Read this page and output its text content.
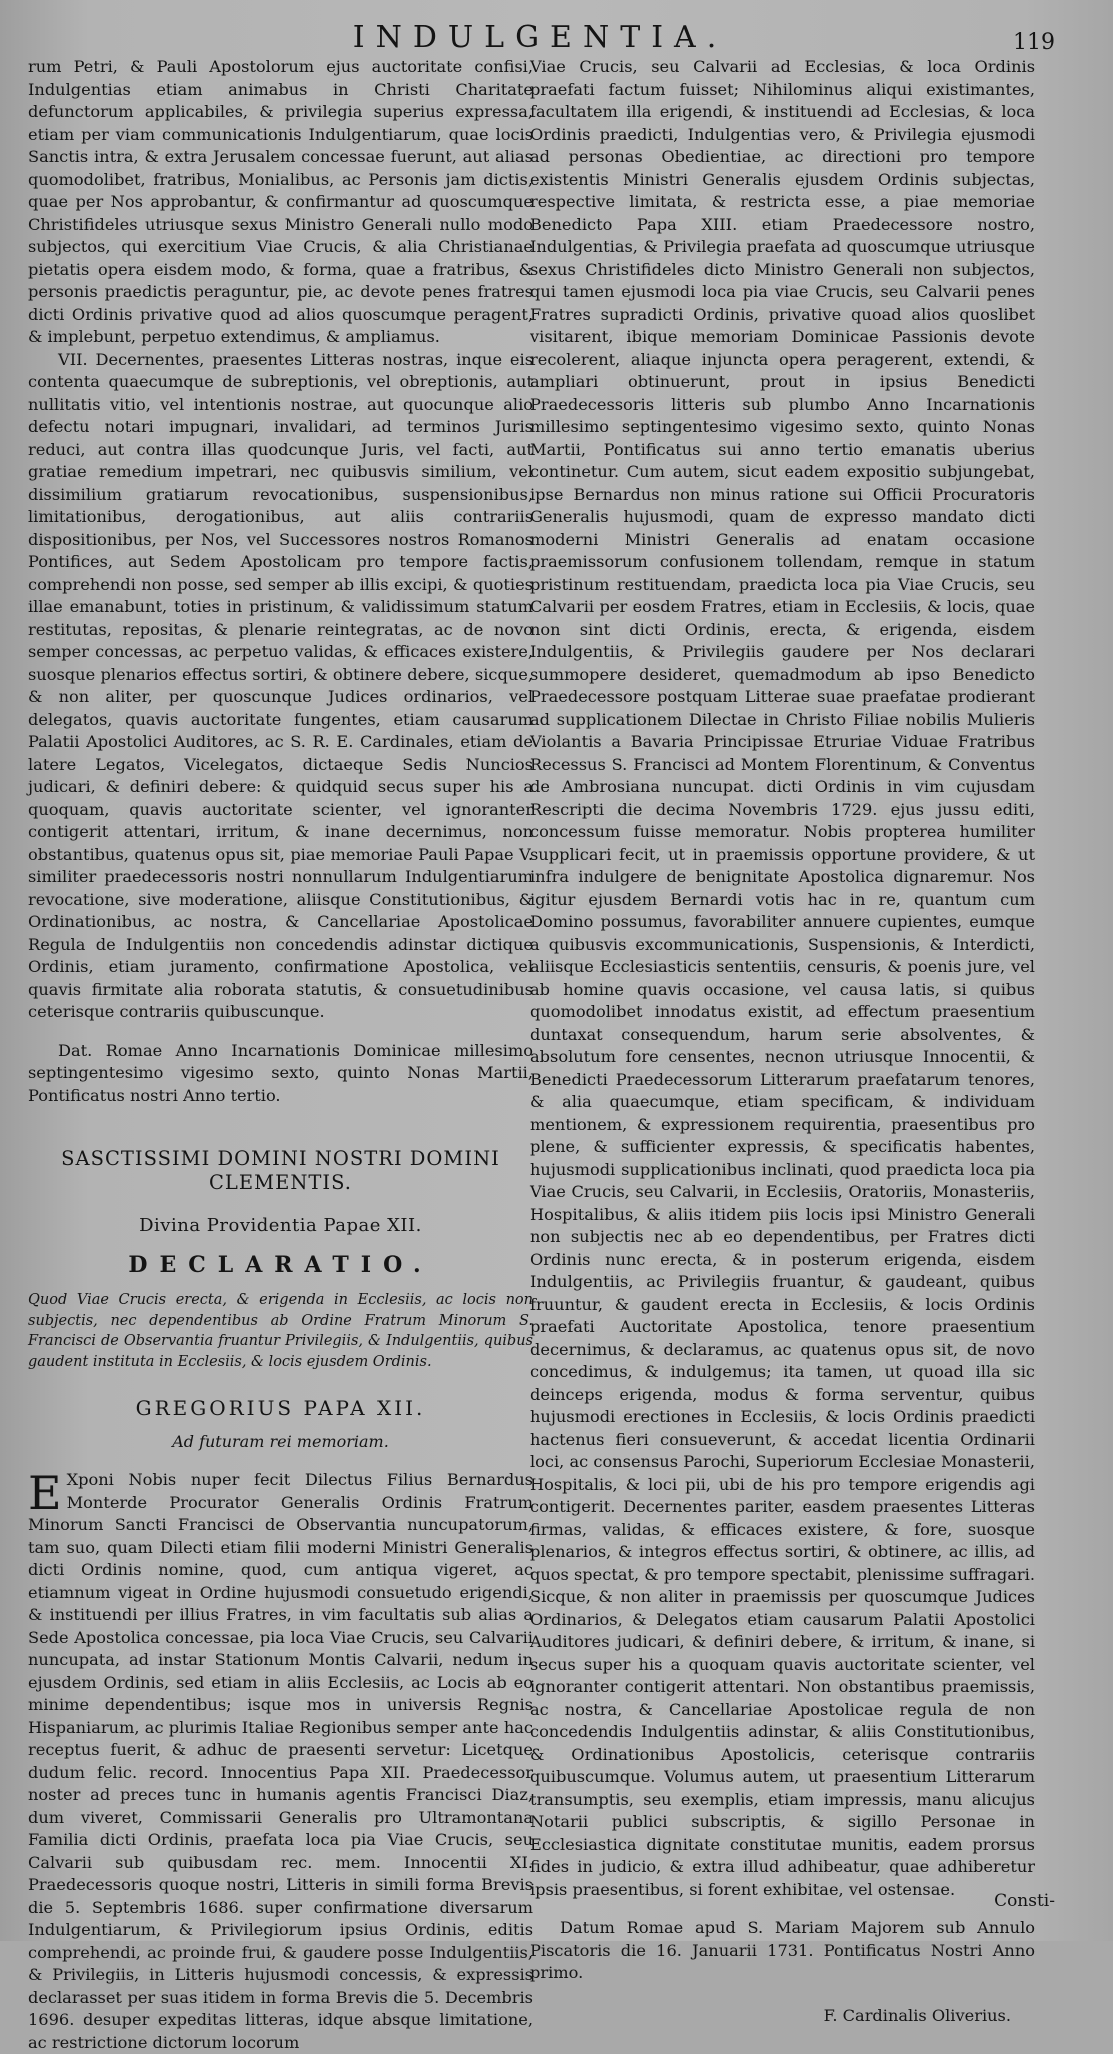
INDULGENTIA.	119

rum Petri, & Pauli Apostolorum ejus auctoritate confisi, Indulgentias etiam animabus in Christi Charitate defunctorum applicabiles, & privilegia superius expressa, etiam per viam communicationis Indulgentiarum, quae locis Sanctis intra, & extra Jerusalem concessae fuerunt, aut alias quomodolibet, fratribus, Monialibus, ac Personis jam dictis, quae per Nos approbantur, & confirmantur ad quoscumque Christifideles utriusque sexus Ministro Generali nullo modo subjectos, qui exercitium Viae Crucis, & alia Christianae pietatis opera eisdem modo, & forma, quae a fratribus, & personis praedictis peraguntur, pie, ac devote penes fratres dicti Ordinis privative quod ad alios quoscumque peragent, & implebunt, perpetuo extendimus, & ampliamus.

VII. Decernentes, praesentes Litteras nostras, inque eis contenta quaecumque de subreptionis, vel obreptionis, aut nullitatis vitio, vel intentionis nostrae, aut quocunque alio defectu notari impugnari, invalidari, ad terminos Juris reduci, aut contra illas quodcunque Juris, vel facti, aut gratiae remedium impetrari, nec quibusvis similium, vel dissimilium gratiarum revocationibus, suspensionibus, limitationibus, derogationibus, aut aliis contrariis dispositionibus, per Nos, vel Successores nostros Romanos Pontifices, aut Sedem Apostolicam pro tempore factis, comprehendi non posse, sed semper ab illis excipi, & quoties illae emanabunt, toties in pristinum, & validissimum statum restitutas, repositas, & plenarie reintegratas, ac de novo semper concessas, ac perpetuo validas, & efficaces existere, suosque plenarios effectus sortiri, & obtinere debere, sicque, & non aliter, per quoscunque Judices ordinarios, vel delegatos, quavis auctoritate fungentes, etiam causarum Palatii Apostolici Auditores, ac S. R. E. Cardinales, etiam de latere Legatos, Vicelegatos, dictaeque Sedis Nuncios judicari, & definiri debere: & quidquid secus super his a quoquam, quavis auctoritate scienter, vel ignoranter contigerit attentari, irritum, & inane decernimus, non obstantibus, quatenus opus sit, piae memoriae Pauli Papae V. similiter praedecessoris nostri nonnullarum Indulgentiarum revocatione, sive moderatione, aliisque Constitutionibus, & Ordinationibus, ac nostra, & Cancellariae Apostolicae Regula de Indulgentiis non concedendis adinstar dictique Ordinis, etiam juramento, confirmatione Apostolica, vel quavis firmitate alia roborata statutis, & consuetudinibus ceterisque contrariis quibuscunque.

Dat. Romae Anno Incarnationis Dominicae millesimo septingentesimo vigesimo sexto, quinto Nonas Martii, Pontificatus nostri Anno tertio.

SASCTISSIMI DOMINI NOSTRI DOMINI
CLEMENTIS.
Divina Providentia Papae XII.
DECLARATIO.

Quod Viae Crucis erecta, & erigenda in Ecclesiis, ac locis non subjectis, nec dependentibus ab Ordine Fratrum Minorum S. Francisci de Observantia fruantur Privilegiis, & Indulgentiis, quibus gaudent instituta in Ecclesiis, & locis ejusdem Ordinis.

GREGORIUS PAPA XII.
Ad futuram rei memoriam.

E Xponi Nobis nuper fecit Dilectus Filius Bernardus Monterde Procurator Generalis Ordinis Fratrum Minorum Sancti Francisci de Observantia nuncupatorum, tam suo, quam Dilecti etiam filii moderni Ministri Generalis dicti Ordinis nomine, quod, cum antiqua vigeret, ac etiamnum vigeat in Ordine hujusmodi consuetudo erigendi, & instituendi per illius Fratres, in vim facultatis sub alias a Sede Apostolica concessae, pia loca Viae Crucis, seu Calvarii nuncupata, ad instar Stationum Montis Calvarii, nedum in ejusdem Ordinis, sed etiam in aliis Ecclesiis, ac Locis ab eo minime dependentibus; isque mos in universis Regnis Hispaniarum, ac plurimis Italiae Regionibus semper ante hac receptus fuerit, & adhuc de praesenti servetur: Licetque dudum felic. record. Innocentius Papa XII. Praedecessor noster ad preces tunc in humanis agentis Francisci Diaz, dum viveret, Commissarii Generalis pro Ultramontana Familia dicti Ordinis, praefata loca pia Viae Crucis, seu Calvarii sub quibusdam rec. mem. Innocentii XI. Praedecessoris quoque nostri, Litteris in simili forma Brevis die 5. Septembris 1686. super confirmatione diversarum Indulgentiarum, & Privilegiorum ipsius Ordinis, editis comprehendi, ac proinde frui, & gaudere posse Indulgentiis, & Privilegiis, in Litteris hujusmodi concessis, & expressis declarasset per suas itidem in forma Brevis die 5. Decembris 1696. desuper expeditas litteras, idque absque limitatione, ac restrictione dictorum locorum

Viae Crucis, seu Calvarii ad Ecclesias, & loca Ordinis praefati factum fuisset; Nihilominus aliqui existimantes, facultatem illa erigendi, & instituendi ad Ecclesias, & loca Ordinis praedicti, Indulgentias vero, & Privilegia ejusmodi ad personas Obedientiae, ac directioni pro tempore existentis Ministri Generalis ejusdem Ordinis subjectas, respective limitata, & restricta esse, a piae memoriae Benedicto Papa XIII. etiam Praedecessore nostro, Indulgentias, & Privilegia praefata ad quoscumque utriusque sexus Christifideles dicto Ministro Generali non subjectos, qui tamen ejusmodi loca pia viae Crucis, seu Calvarii penes Fratres supradicti Ordinis, privative quoad alios quoslibet visitarent, ibique memoriam Dominicae Passionis devote recolerent, aliaque injuncta opera peragerent, extendi, & ampliari obtinuerunt, prout in ipsius Benedicti Praedecessoris litteris sub plumbo Anno Incarnationis millesimo septingentesimo vigesimo sexto, quinto Nonas Martii, Pontificatus sui anno tertio emanatis uberius continetur. Cum autem, sicut eadem expositio subjungebat, ipse Bernardus non minus ratione sui Officii Procuratoris Generalis hujusmodi, quam de expresso mandato dicti moderni Ministri Generalis ad enatam occasione praemissorum confusionem tollendam, remque in statum pristinum restituendam, praedicta loca pia Viae Crucis, seu Calvarii per eosdem Fratres, etiam in Ecclesiis, & locis, quae non sint dicti Ordinis, erecta, & erigenda, eisdem Indulgentiis, & Privilegiis gaudere per Nos declarari summopere desideret, quemadmodum ab ipso Benedicto Praedecessore postquam Litterae suae praefatae prodierant ad supplicationem Dilectae in Christo Filiae nobilis Mulieris Violantis a Bavaria Principissae Etruriae Viduae Fratribus Recessus S. Francisci ad Montem Florentinum, & Conventus de Ambrosiana nuncupat. dicti Ordinis in vim cujusdam Rescripti die decima Novembris 1729. ejus jussu editi, concessum fuisse memoratur. Nobis propterea humiliter supplicari fecit, ut in praemissis opportune providere, & ut infra indulgere de benignitate Apostolica dignaremur. Nos igitur ejusdem Bernardi votis hac in re, quantum cum Domino possumus, favorabiliter annuere cupientes, eumque a quibusvis excommunicationis, Suspensionis, & Interdicti, aliisque Ecclesiasticis sententiis, censuris, & poenis jure, vel ab homine quavis occasione, vel causa latis, si quibus quomodolibet innodatus existit, ad effectum praesentium duntaxat consequendum, harum serie absolventes, & absolutum fore censentes, necnon utriusque Innocentii, & Benedicti Praedecessorum Litterarum praefatarum tenores, & alia quaecumque, etiam specificam, & individuam mentionem, & expressionem requirentia, praesentibus pro plene, & sufficienter expressis, & specificatis habentes, hujusmodi supplicationibus inclinati, quod praedicta loca pia Viae Crucis, seu Calvarii, in Ecclesiis, Oratoriis, Monasteriis, Hospitalibus, & aliis itidem piis locis ipsi Ministro Generali non subjectis nec ab eo dependentibus, per Fratres dicti Ordinis nunc erecta, & in posterum erigenda, eisdem Indulgentiis, ac Privilegiis fruantur, & gaudeant, quibus fruuntur, & gaudent erecta in Ecclesiis, & locis Ordinis praefati Auctoritate Apostolica, tenore praesentium decernimus, & declaramus, ac quatenus opus sit, de novo concedimus, & indulgemus; ita tamen, ut quoad illa sic deinceps erigenda, modus & forma serventur, quibus hujusmodi erectiones in Ecclesiis, & locis Ordinis praedicti hactenus fieri consueverunt, & accedat licentia Ordinarii loci, ac consensus Parochi, Superiorum Ecclesiae Monasterii, Hospitalis, & loci pii, ubi de his pro tempore erigendis agi contigerit. Decernentes pariter, easdem praesentes Litteras firmas, validas, & efficaces existere, & fore, suosque plenarios, & integros effectus sortiri, & obtinere, ac illis, ad quos spectat, & pro tempore spectabit, plenissime suffragari. Sicque, & non aliter in praemissis per quoscumque Judices Ordinarios, & Delegatos etiam causarum Palatii Apostolici Auditores judicari, & definiri debere, & irritum, & inane, si secus super his a quoquam quavis auctoritate scienter, vel ignoranter contigerit attentari. Non obstantibus praemissis, ac nostra, & Cancellariae Apostolicae regula de non concedendis Indulgentiis adinstar, & aliis Constitutionibus, & Ordinationibus Apostolicis, ceterisque contrariis quibuscumque. Volumus autem, ut praesentium Litterarum transumptis, seu exemplis, etiam impressis, manu alicujus Notarii publici subscriptis, & sigillo Personae in Ecclesiastica dignitate constitutae munitis, eadem prorsus fides in judicio, & extra illud adhibeatur, quae adhiberetur ipsis praesentibus, si forent exhibitae, vel ostensae.

Datum Romae apud S. Mariam Majorem sub Annulo Piscatoris die 16. Januarii 1731. Pontificatus Nostri Anno primo.

F. Cardinalis Oliverius.

Consti-
